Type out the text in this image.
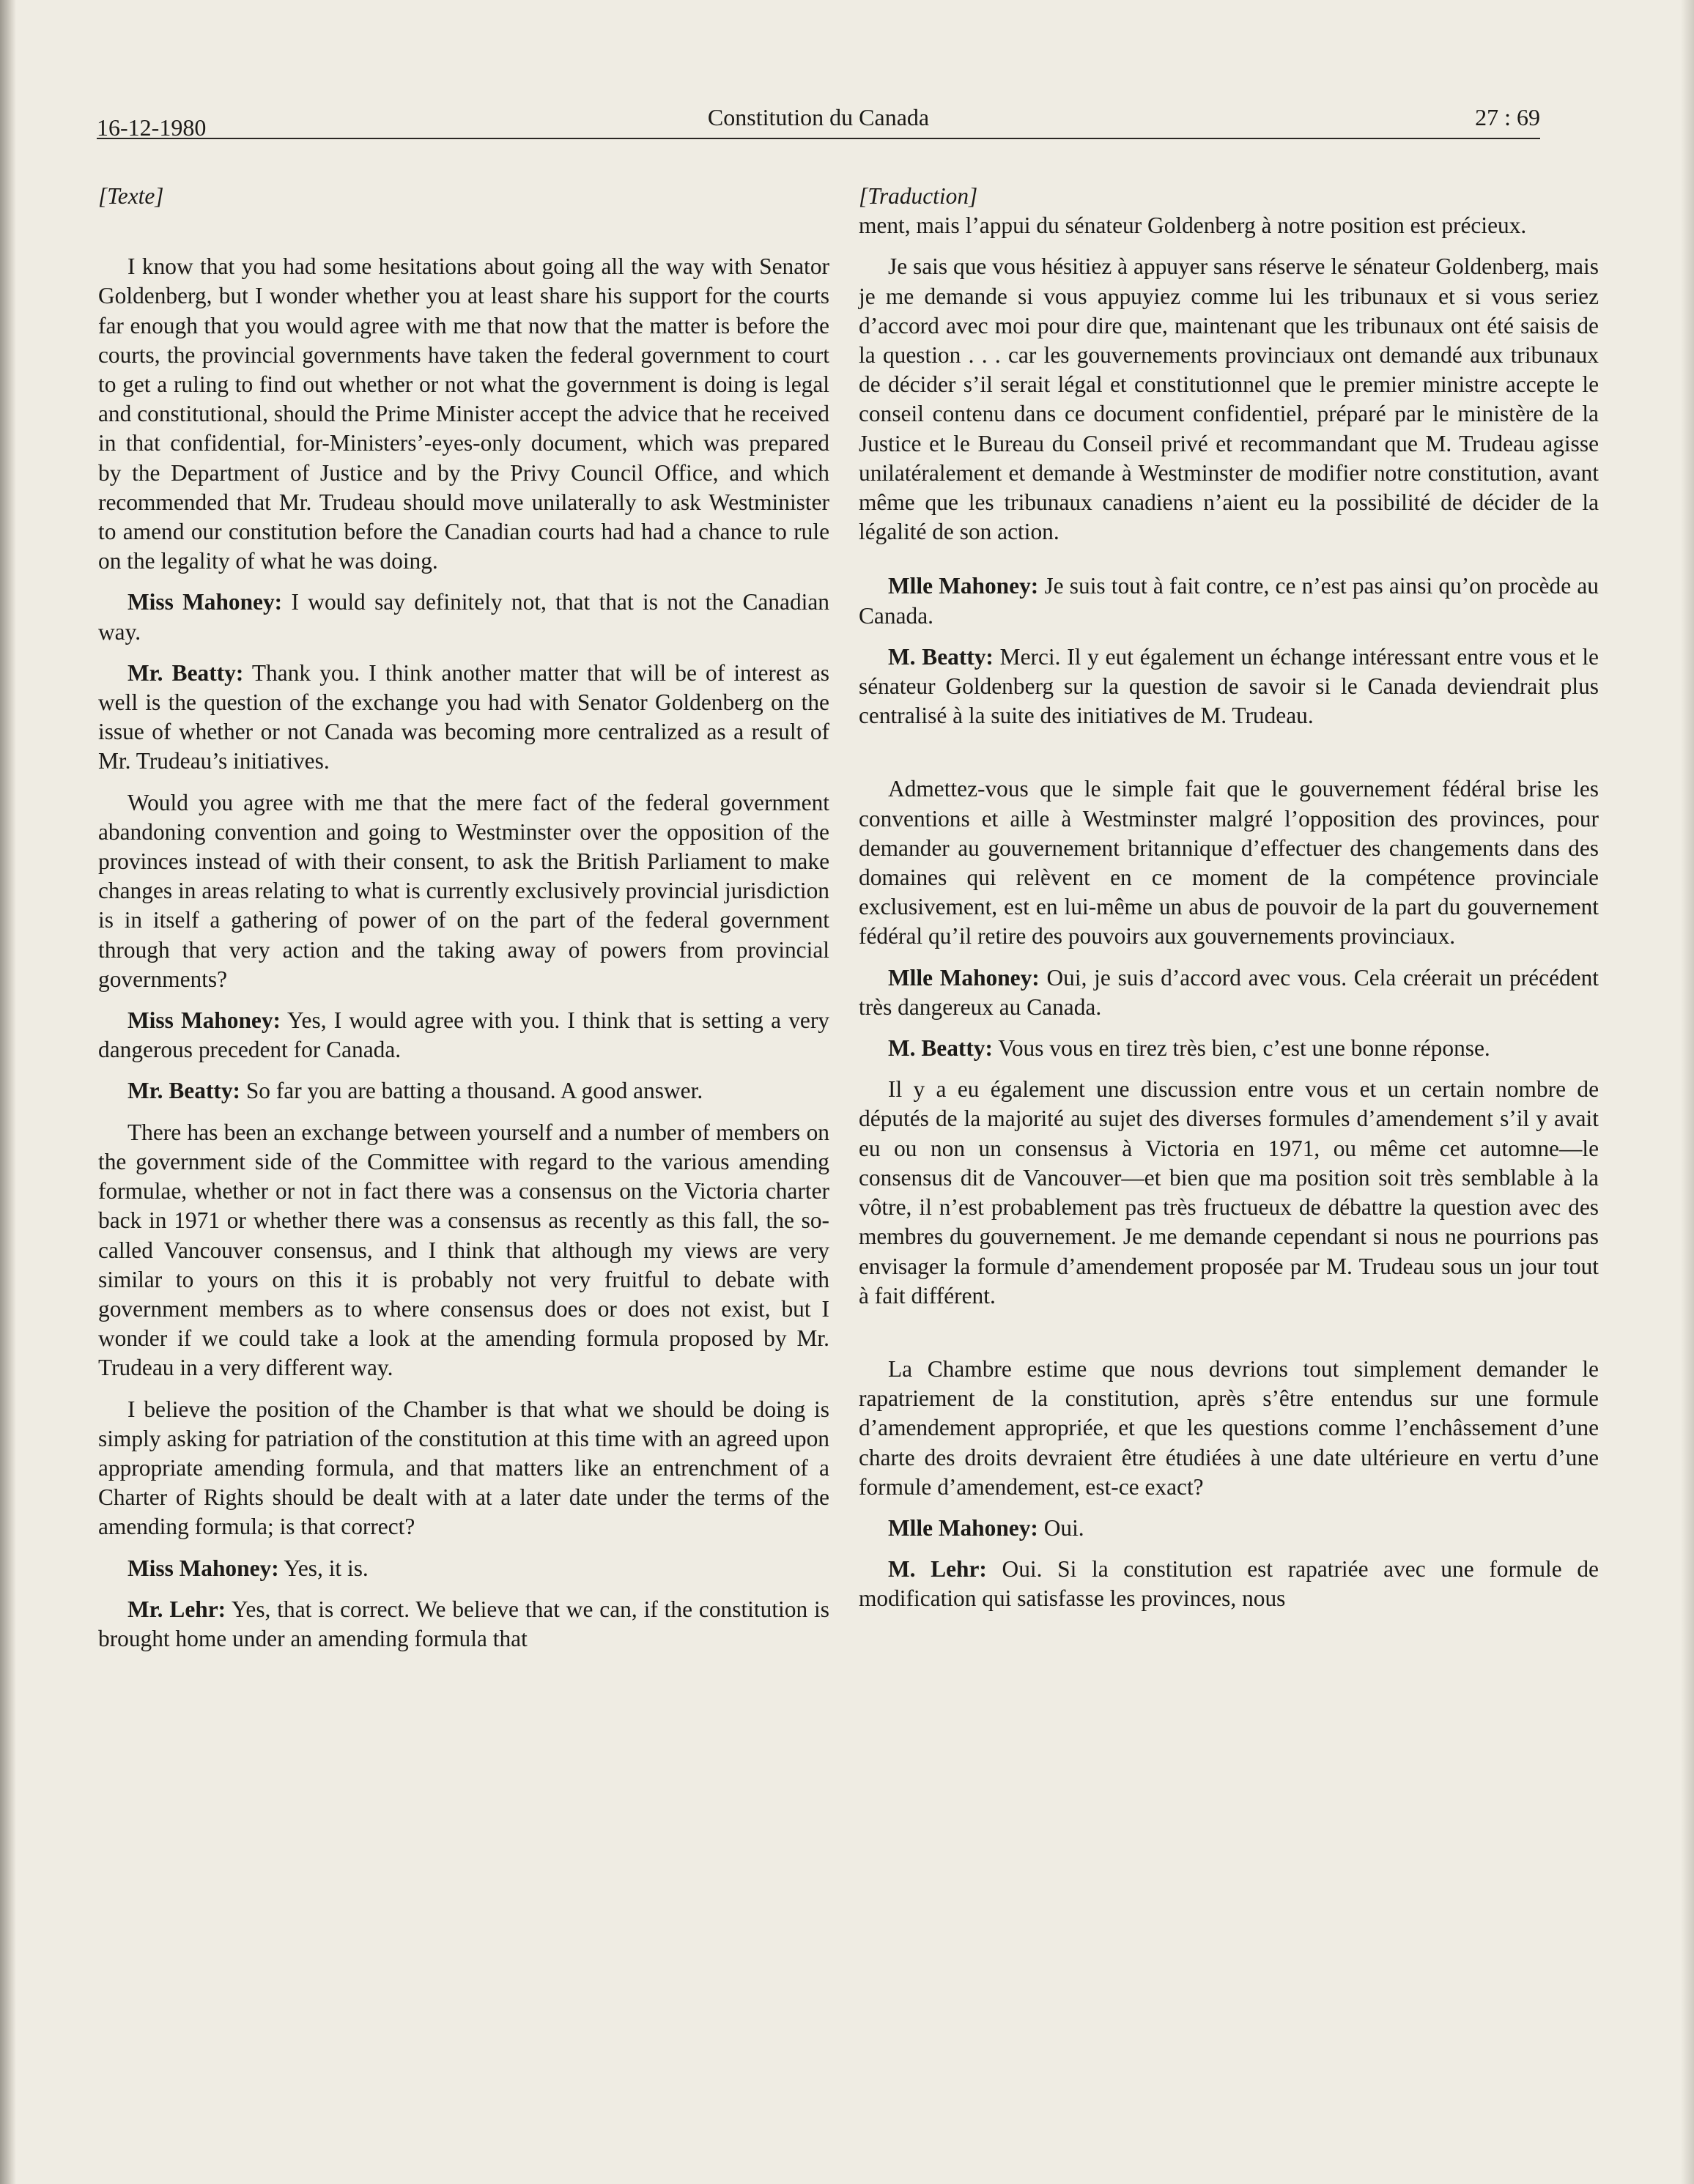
16-12-1980	Constitution du Canada	27 : 69

[Texte]

I know that you had some hesitations about going all the way with Senator Goldenberg, but I wonder whether you at least share his support for the courts far enough that you would agree with me that now that the matter is before the courts, the provincial governments have taken the federal government to court to get a ruling to find out whether or not what the government is doing is legal and constitutional, should the Prime Minister accept the advice that he received in that confidential, for-Ministers’-eyes-only document, which was prepared by the Department of Justice and by the Privy Council Office, and which recommended that Mr. Trudeau should move unilaterally to ask Westminister to amend our constitution before the Canadian courts had had a chance to rule on the legality of what he was doing.

Miss Mahoney: I would say definitely not, that that is not the Canadian way.

Mr. Beatty: Thank you. I think another matter that will be of interest as well is the question of the exchange you had with Senator Goldenberg on the issue of whether or not Canada was becoming more centralized as a result of Mr. Trudeau’s initiatives.

Would you agree with me that the mere fact of the federal government abandoning convention and going to Westminster over the opposition of the provinces instead of with their consent, to ask the British Parliament to make changes in areas relating to what is currently exclusively provincial jurisdiction is in itself a gathering of power of on the part of the federal government through that very action and the taking away of powers from provincial governments?

Miss Mahoney: Yes, I would agree with you. I think that is setting a very dangerous precedent for Canada.

Mr. Beatty: So far you are batting a thousand. A good answer.

There has been an exchange between yourself and a number of members on the government side of the Committee with regard to the various amending formulae, whether or not in fact there was a consensus on the Victoria charter back in 1971 or whether there was a consensus as recently as this fall, the so-called Vancouver consensus, and I think that although my views are very similar to yours on this it is probably not very fruitful to debate with government members as to where consensus does or does not exist, but I wonder if we could take a look at the amending formula proposed by Mr. Trudeau in a very different way.

I believe the position of the Chamber is that what we should be doing is simply asking for patriation of the constitution at this time with an agreed upon appropriate amending formula, and that matters like an entrenchment of a Charter of Rights should be dealt with at a later date under the terms of the amending formula; is that correct?

Miss Mahoney: Yes, it is.

Mr. Lehr: Yes, that is correct. We believe that we can, if the constitution is brought home under an amending formula that

[Traduction]

ment, mais l’appui du sénateur Goldenberg à notre position est précieux.

Je sais que vous hésitiez à appuyer sans réserve le sénateur Goldenberg, mais je me demande si vous appuyiez comme lui les tribunaux et si vous seriez d’accord avec moi pour dire que, maintenant que les tribunaux ont été saisis de la question . . . car les gouvernements provinciaux ont demandé aux tribunaux de décider s’il serait légal et constitutionnel que le premier ministre accepte le conseil contenu dans ce document confidentiel, préparé par le ministère de la Justice et le Bureau du Conseil privé et recommandant que M. Trudeau agisse unilatéralement et demande à Westminster de modifier notre constitution, avant même que les tribunaux canadiens n’aient eu la possibilité de décider de la légalité de son action.

Mlle Mahoney: Je suis tout à fait contre, ce n’est pas ainsi qu’on procède au Canada.

M. Beatty: Merci. Il y eut également un échange intéressant entre vous et le sénateur Goldenberg sur la question de savoir si le Canada deviendrait plus centralisé à la suite des initiatives de M. Trudeau.

Admettez-vous que le simple fait que le gouvernement fédéral brise les conventions et aille à Westminster malgré l’opposition des provinces, pour demander au gouvernement britannique d’effectuer des changements dans des domaines qui relèvent en ce moment de la compétence provinciale exclusivement, est en lui-même un abus de pouvoir de la part du gouvernement fédéral qu’il retire des pouvoirs aux gouvernements provinciaux.

Mlle Mahoney: Oui, je suis d’accord avec vous. Cela créerait un précédent très dangereux au Canada.

M. Beatty: Vous vous en tirez très bien, c’est une bonne réponse.

Il y a eu également une discussion entre vous et un certain nombre de députés de la majorité au sujet des diverses formules d’amendement s’il y avait eu ou non un consensus à Victoria en 1971, ou même cet automne—le consensus dit de Vancouver—et bien que ma position soit très semblable à la vôtre, il n’est probablement pas très fructueux de débattre la question avec des membres du gouvernement. Je me demande cependant si nous ne pourrions pas envisager la formule d’amendement proposée par M. Trudeau sous un jour tout à fait différent.

La Chambre estime que nous devrions tout simplement demander le rapatriement de la constitution, après s’être entendus sur une formule d’amendement appropriée, et que les questions comme l’enchâssement d’une charte des droits devraient être étudiées à une date ultérieure en vertu d’une formule d’amendement, est-ce exact?

Mlle Mahoney: Oui.

M. Lehr: Oui. Si la constitution est rapatriée avec une formule de modification qui satisfasse les provinces, nous
